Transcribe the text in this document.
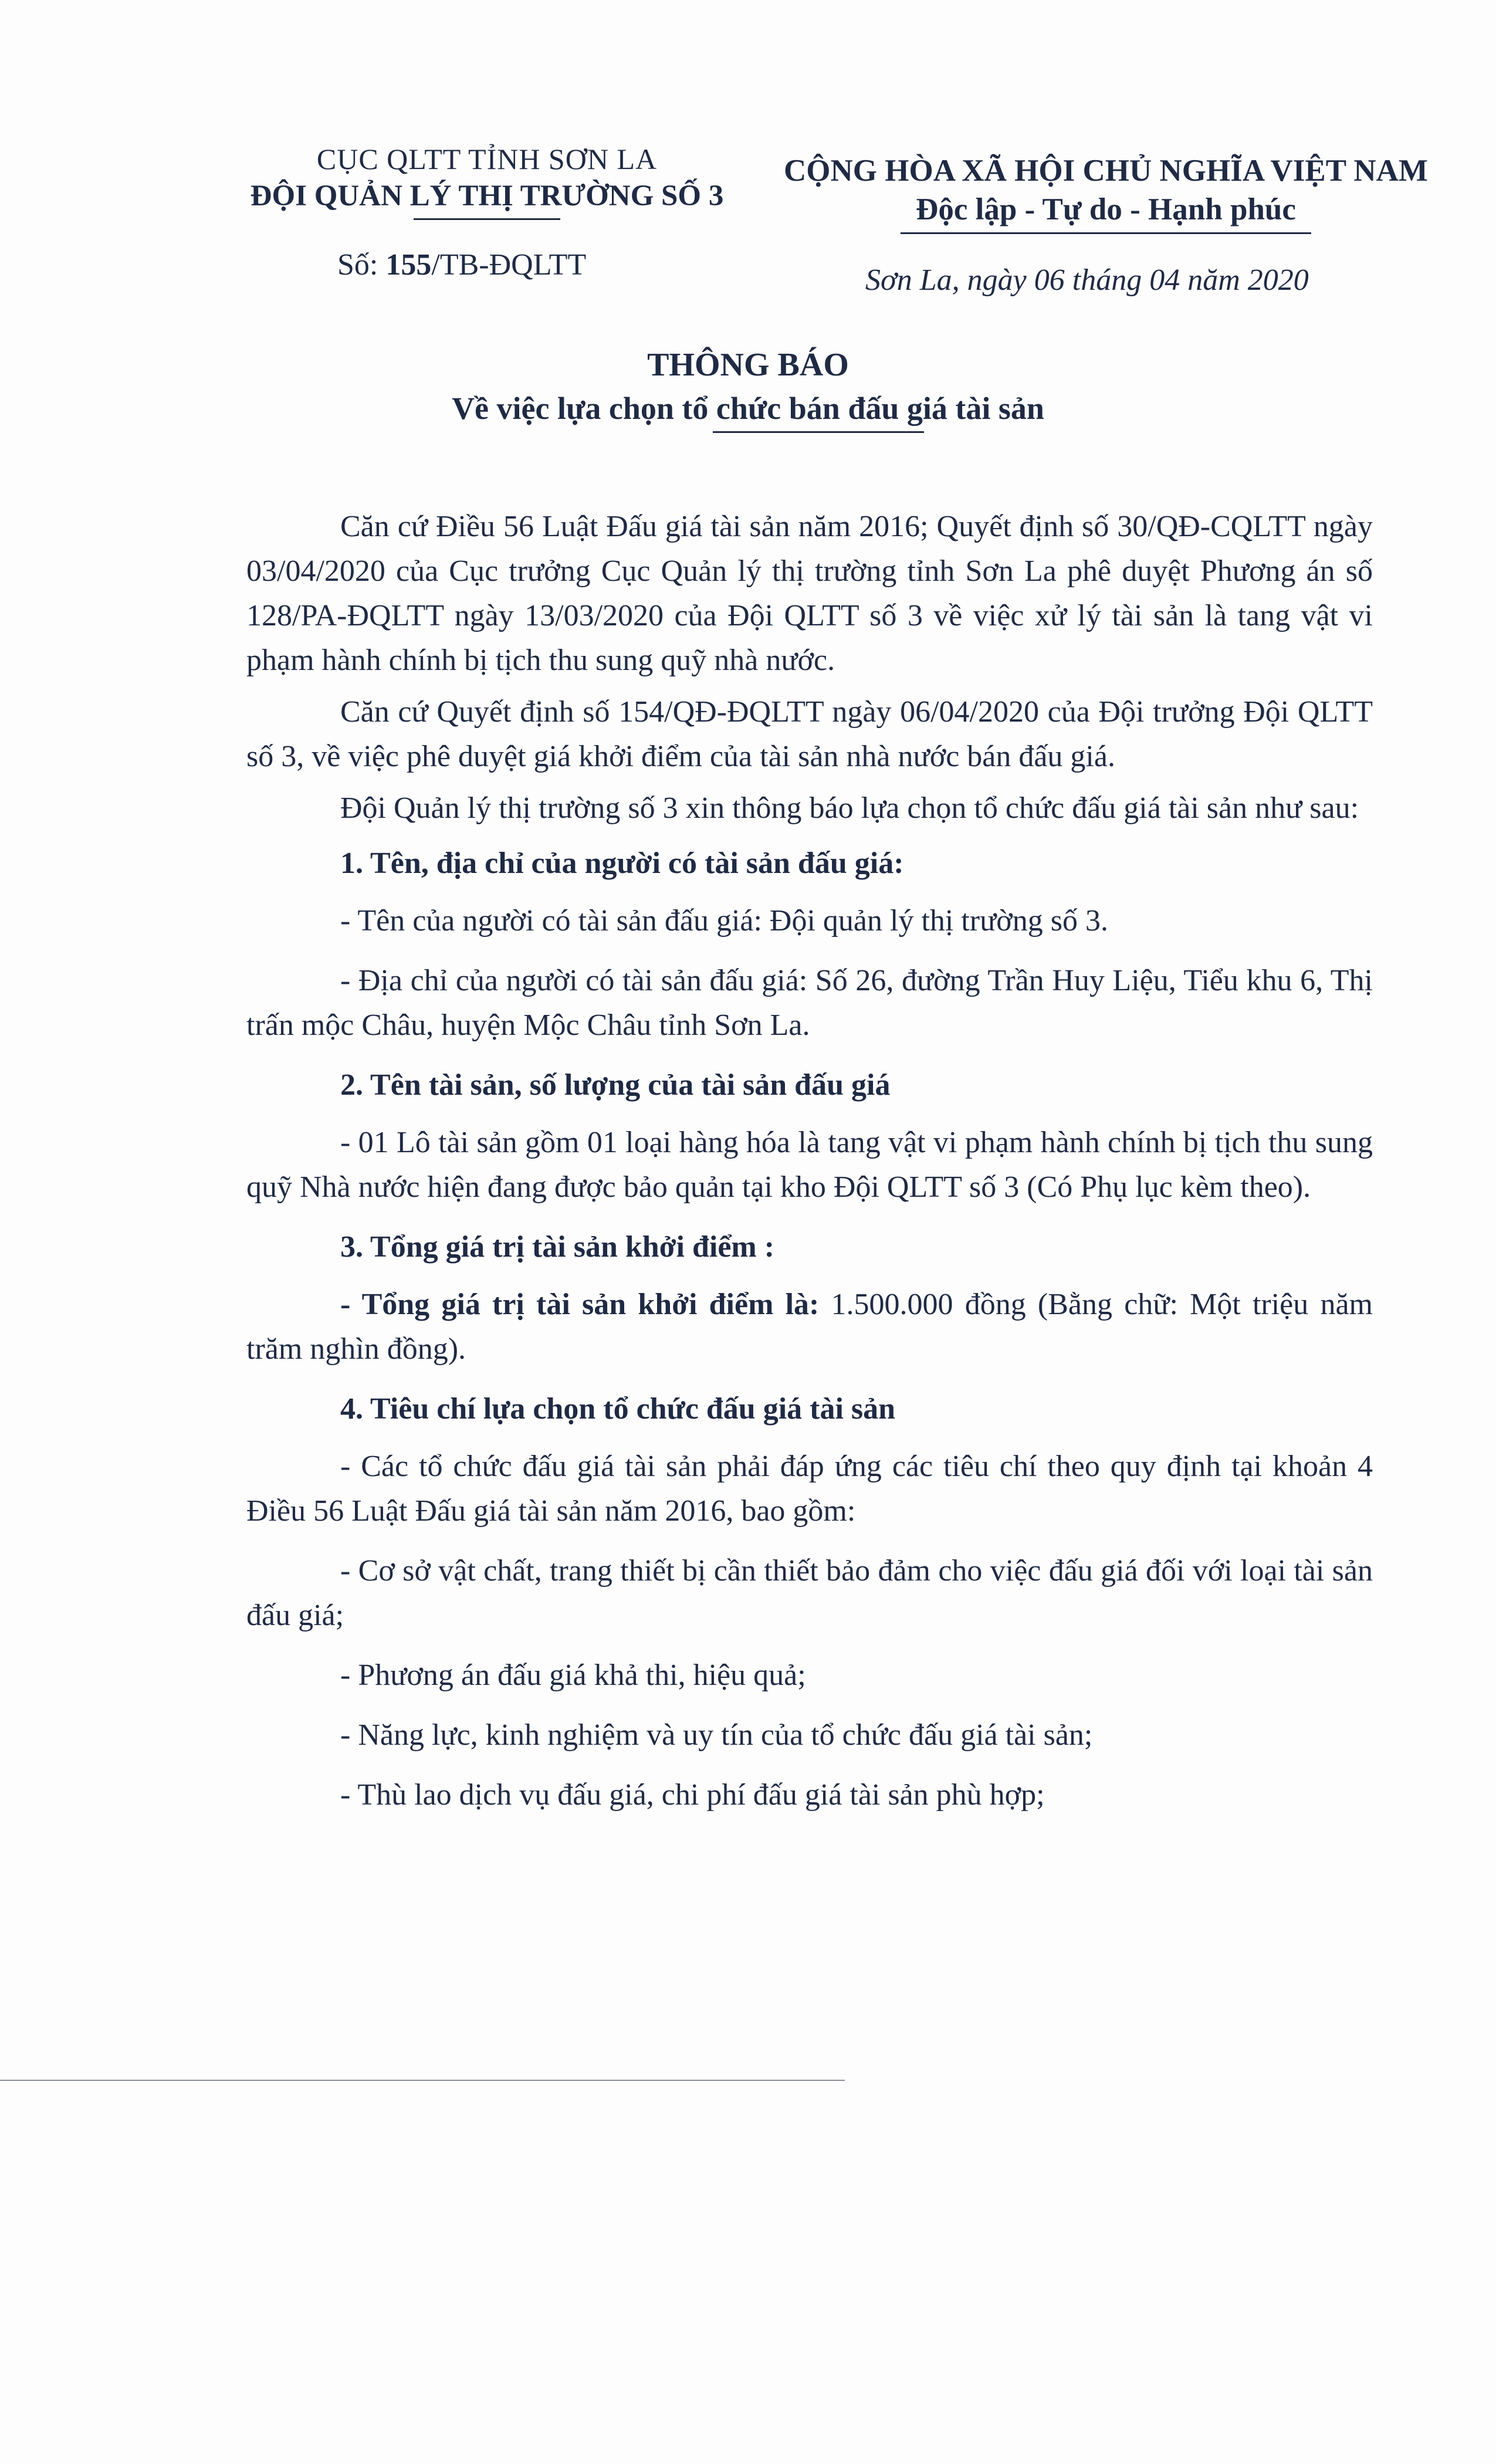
CỤC QLTT TỈNH SƠN LA
ĐỘI QUẢN LÝ THỊ TRƯỜNG SỐ 3
CỘNG HÒA XÃ HỘI CHỦ NGHĨA VIỆT NAM
Độc lập - Tự do - Hạnh phúc
Số: 155/TB-ĐQLTT	Sơn La, ngày 06 tháng 04 năm 2020
THÔNG BÁO
Về việc lựa chọn tổ chức bán đấu giá tài sản

Căn cứ Điều 56 Luật Đấu giá tài sản năm 2016; Quyết định số 30/QĐ-CQLTT ngày 03/04/2020 của Cục trưởng Cục Quản lý thị trường tỉnh Sơn La phê duyệt Phương án số 128/PA-ĐQLTT ngày 13/03/2020 của Đội QLTT số 3 về việc xử lý tài sản là tang vật vi phạm hành chính bị tịch thu sung quỹ nhà nước.

Căn cứ Quyết định số 154/QĐ-ĐQLTT ngày 06/04/2020 của Đội trưởng Đội QLTT số 3, về việc phê duyệt giá khởi điểm của tài sản nhà nước bán đấu giá.

Đội Quản lý thị trường số 3 xin thông báo lựa chọn tổ chức đấu giá tài sản như sau:

1. Tên, địa chỉ của người có tài sản đấu giá:

- Tên của người có tài sản đấu giá: Đội quản lý thị trường số 3.

- Địa chỉ của người có tài sản đấu giá: Số 26, đường Trần Huy Liệu, Tiểu khu 6, Thị trấn mộc Châu, huyện Mộc Châu tỉnh Sơn La.

2. Tên tài sản, số lượng của tài sản đấu giá

- 01 Lô tài sản gồm 01 loại hàng hóa là tang vật vi phạm hành chính bị tịch thu sung quỹ Nhà nước hiện đang được bảo quản tại kho Đội QLTT số 3 (Có Phụ lục kèm theo).

3. Tổng giá trị tài sản khởi điểm :

- Tổng giá trị tài sản khởi điểm là: 1.500.000 đồng (Bằng chữ: Một triệu năm trăm nghìn đồng).

4. Tiêu chí lựa chọn tổ chức đấu giá tài sản

- Các tổ chức đấu giá tài sản phải đáp ứng các tiêu chí theo quy định tại khoản 4 Điều 56 Luật Đấu giá tài sản năm 2016, bao gồm:

- Cơ sở vật chất, trang thiết bị cần thiết bảo đảm cho việc đấu giá đối với loại tài sản đấu giá;

- Phương án đấu giá khả thi, hiệu quả;

- Năng lực, kinh nghiệm và uy tín của tổ chức đấu giá tài sản;

- Thù lao dịch vụ đấu giá, chi phí đấu giá tài sản phù hợp;
